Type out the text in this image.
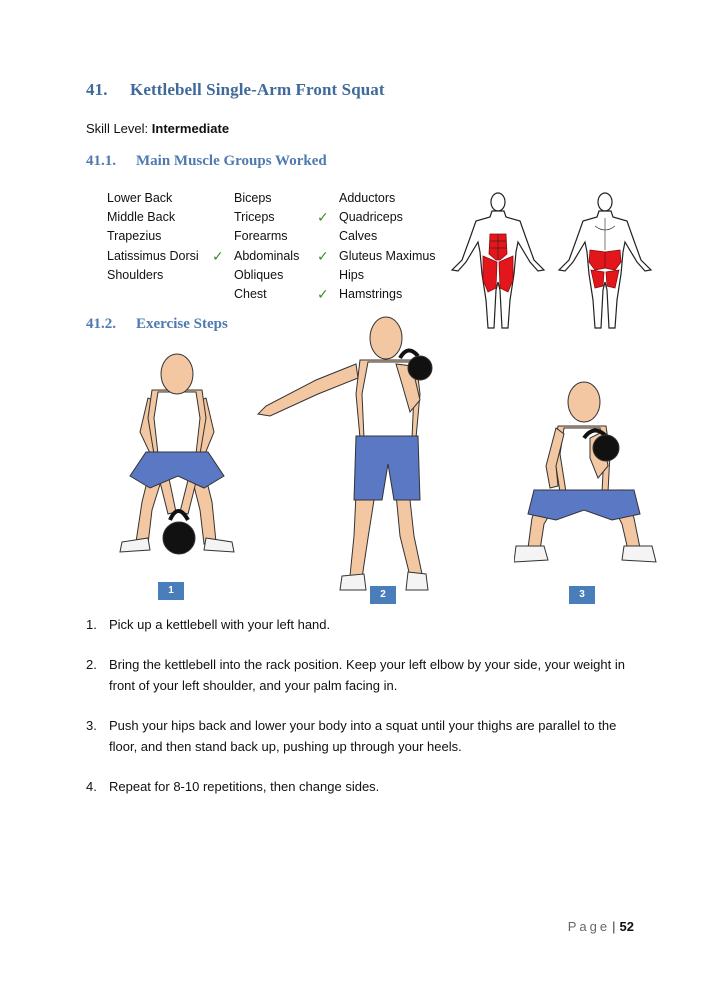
41. Kettlebell Single-Arm Front Squat
Skill Level: Intermediate
41.1. Main Muscle Groups Worked
Lower Back
Middle Back
Trapezius
Latissimus Dorsi
Shoulders
Biceps
Triceps
Forearms
✓ Abdominals
Obliques
Chest
Adductors
✓ Quadriceps
Calves
✓ Gluteus Maximus
Hips
✓ Hamstrings
41.2. Exercise Steps
1	2	3
1. Pick up a kettlebell with your left hand.
2. Bring the kettlebell into the rack position. Keep your left elbow by your side, your weight in front of your left shoulder, and your palm facing in.
3. Push your hips back and lower your body into a squat until your thighs are parallel to the floor, and then stand back up, pushing up through your heels.
4. Repeat for 8-10 repetitions, then change sides.
Page | 52
